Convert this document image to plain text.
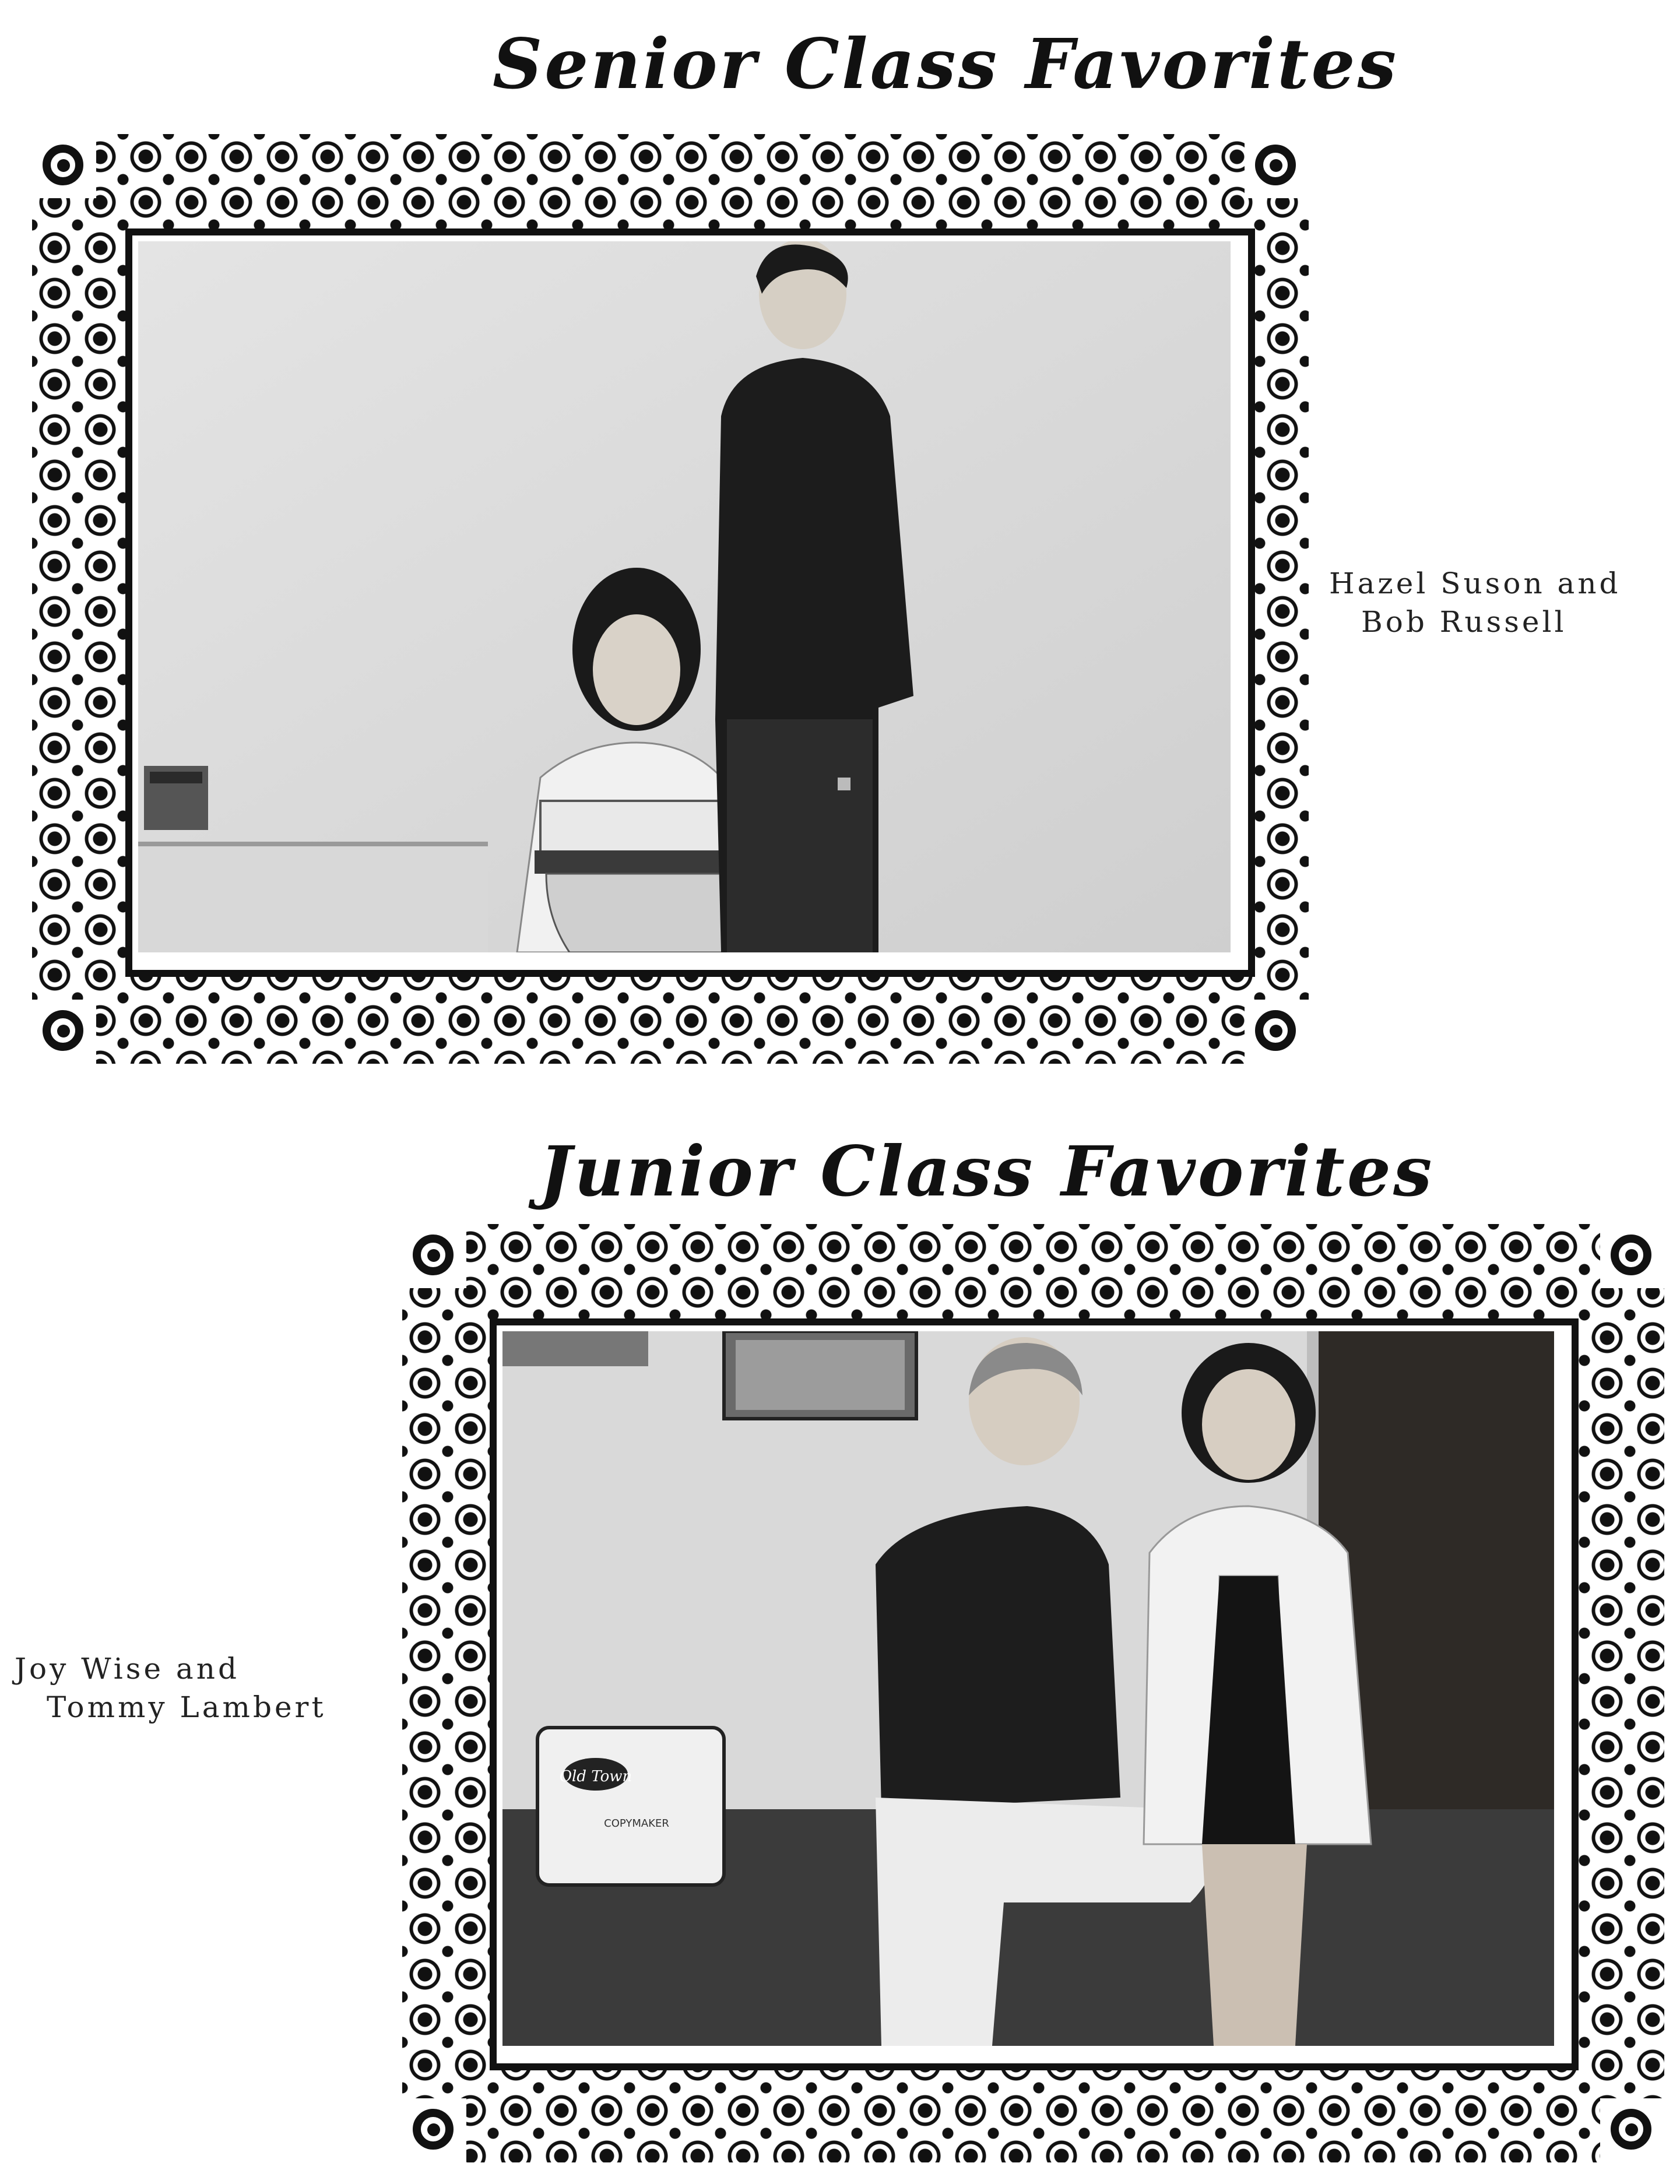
Senior Class Favorites
Hazel Suson and
Bob Russell
Junior Class Favorites
Old Town
COPYMAKER
Joy Wise and
Tommy Lambert
